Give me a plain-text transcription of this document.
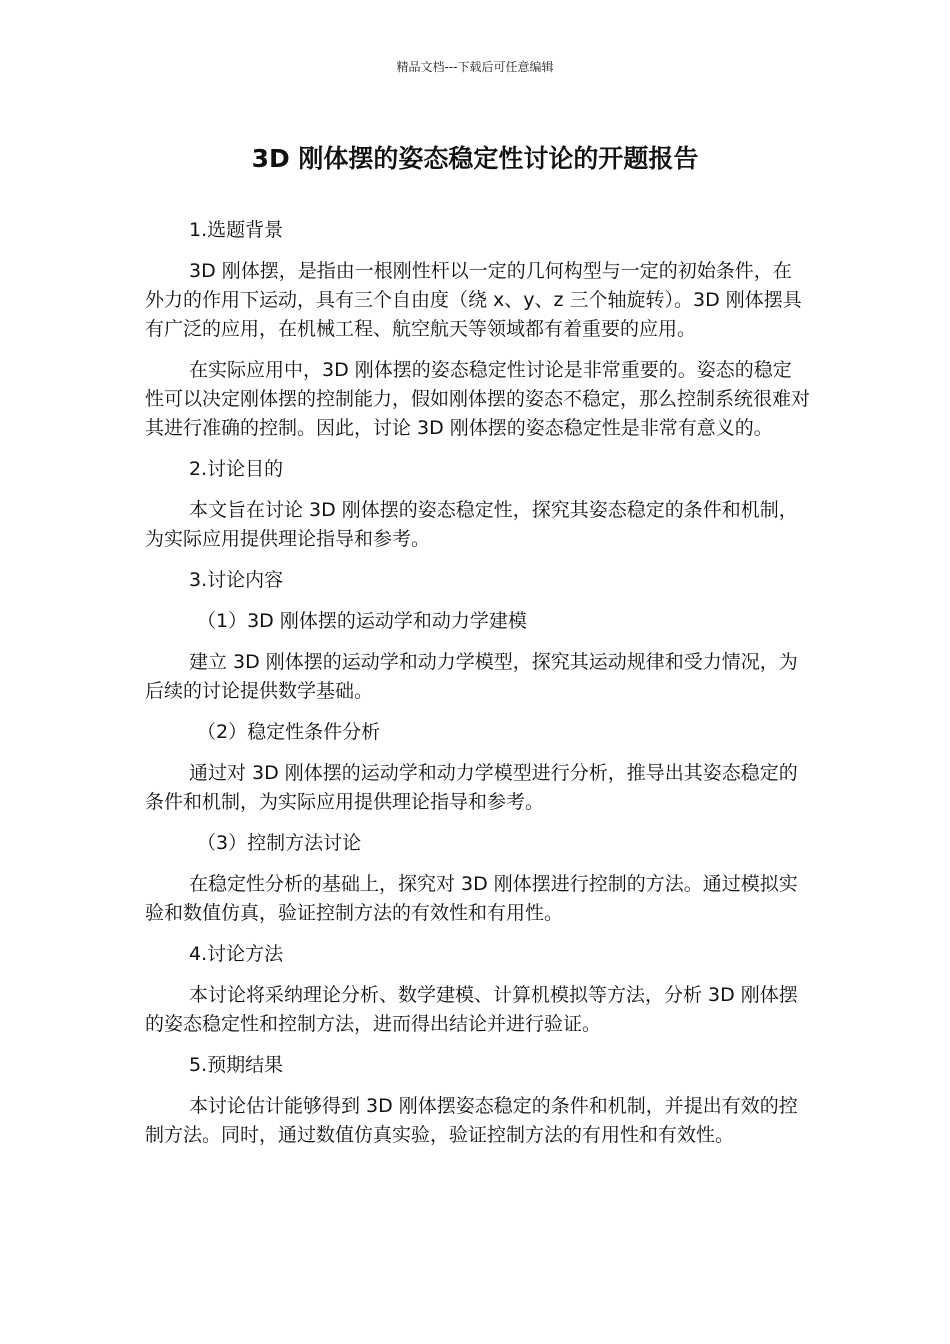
精品文档---下载后可任意编辑
3D 刚体摆的姿态稳定性讨论的开题报告

1.选题背景

3D 刚体摆，是指由一根刚性杆以一定的几何构型与一定的初始条件，在外力的作用下运动，具有三个自由度（绕 x、y、z 三个轴旋转）。3D 刚体摆具有广泛的应用，在机械工程、航空航天等领域都有着重要的应用。

在实际应用中，3D 刚体摆的姿态稳定性讨论是非常重要的。姿态的稳定性可以决定刚体摆的控制能力，假如刚体摆的姿态不稳定，那么控制系统很难对其进行准确的控制。因此，讨论 3D 刚体摆的姿态稳定性是非常有意义的。

2.讨论目的

本文旨在讨论 3D 刚体摆的姿态稳定性，探究其姿态稳定的条件和机制，为实际应用提供理论指导和参考。

3.讨论内容

（1）3D 刚体摆的运动学和动力学建模

建立 3D 刚体摆的运动学和动力学模型，探究其运动规律和受力情况，为后续的讨论提供数学基础。

（2）稳定性条件分析

通过对 3D 刚体摆的运动学和动力学模型进行分析，推导出其姿态稳定的条件和机制，为实际应用提供理论指导和参考。

（3）控制方法讨论

在稳定性分析的基础上，探究对 3D 刚体摆进行控制的方法。通过模拟实验和数值仿真，验证控制方法的有效性和有用性。

4.讨论方法

本讨论将采纳理论分析、数学建模、计算机模拟等方法，分析 3D 刚体摆的姿态稳定性和控制方法，进而得出结论并进行验证。

5.预期结果

本讨论估计能够得到 3D 刚体摆姿态稳定的条件和机制，并提出有效的控制方法。同时，通过数值仿真实验，验证控制方法的有用性和有效性。
